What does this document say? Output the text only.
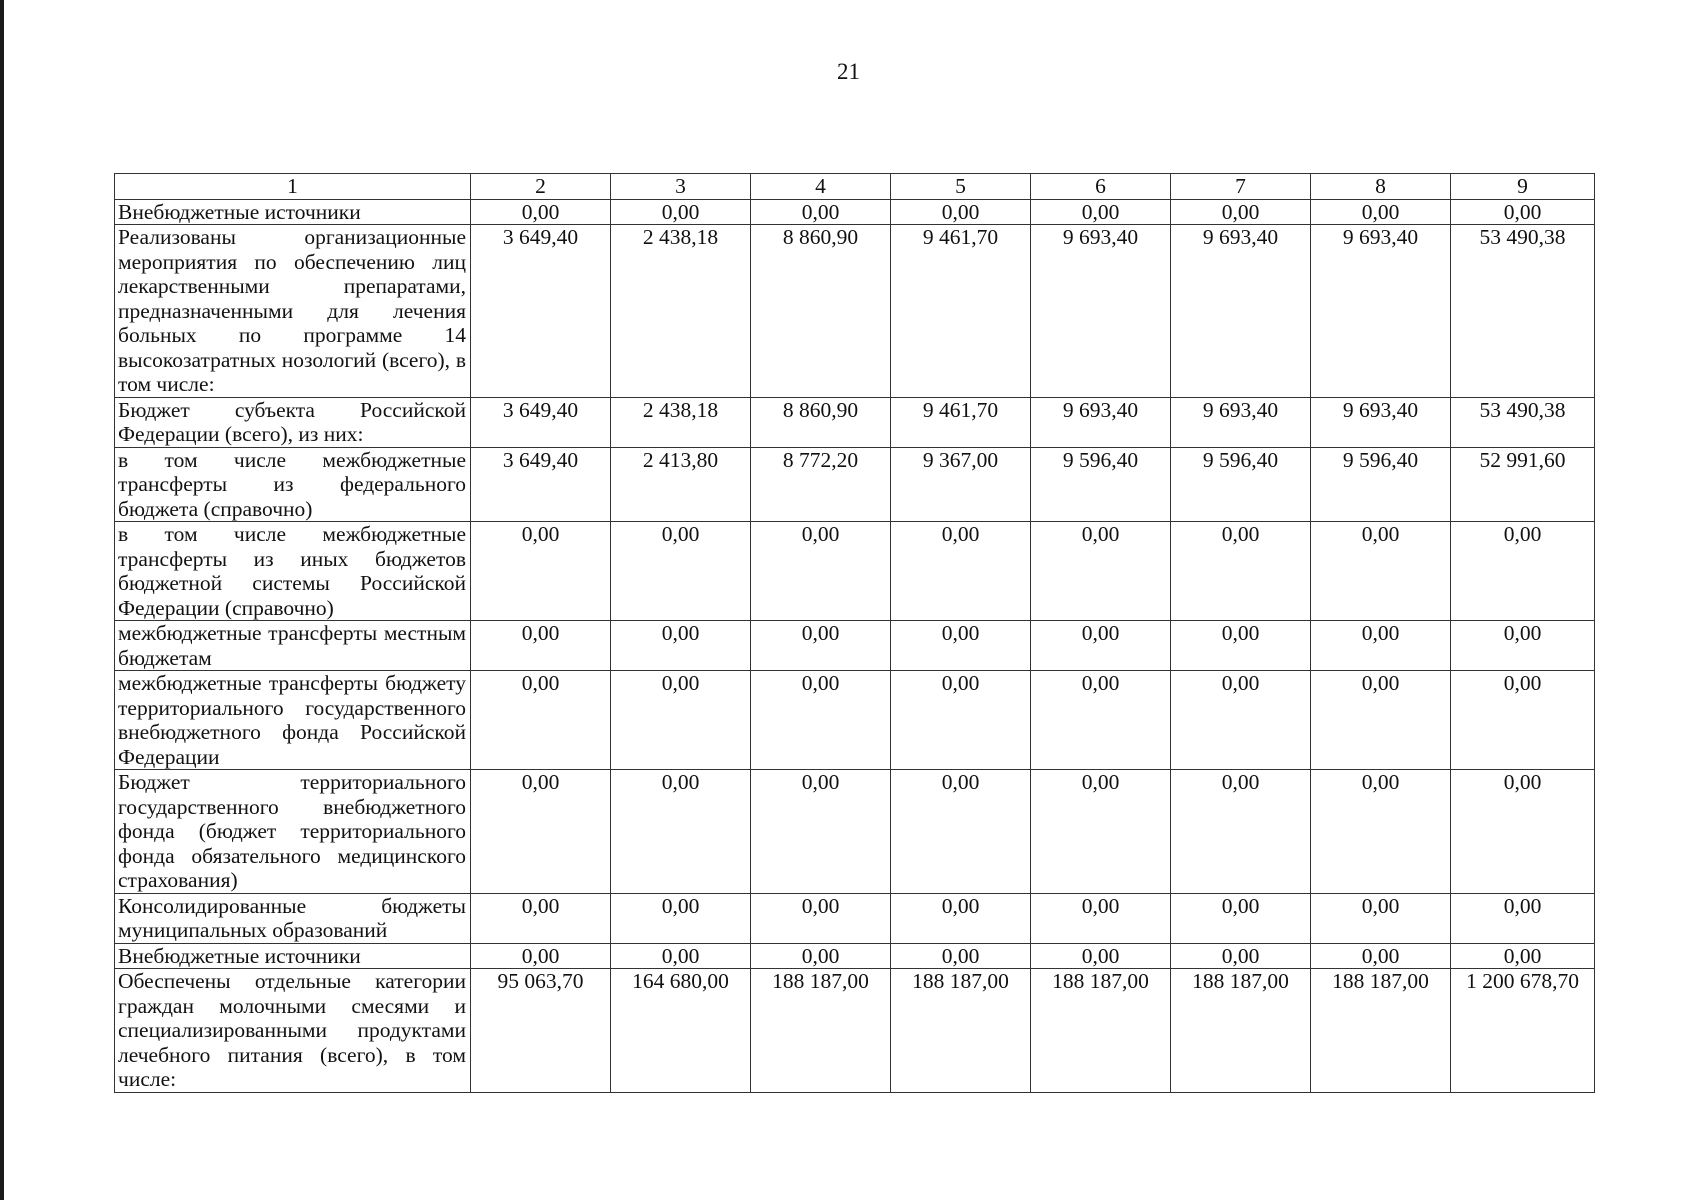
21
1	2	3	4	5	6	7	8	9
Внебюджетные источники	0,00	0,00	0,00	0,00	0,00	0,00	0,00	0,00
Реализованы организационные мероприятия по обеспечению лиц лекарственными препаратами, предназначенными для лечения больных по программе 14 высокозатратных нозологий (всего), в том числе:	3 649,40	2 438,18	8 860,90	9 461,70	9 693,40	9 693,40	9 693,40	53 490,38
Бюджет субъекта Российской Федерации (всего), из них:	3 649,40	2 438,18	8 860,90	9 461,70	9 693,40	9 693,40	9 693,40	53 490,38
в том числе межбюджетные трансферты из федерального бюджета (справочно)	3 649,40	2 413,80	8 772,20	9 367,00	9 596,40	9 596,40	9 596,40	52 991,60
в том числе межбюджетные трансферты из иных бюджетов бюджетной системы Российской Федерации (справочно)	0,00	0,00	0,00	0,00	0,00	0,00	0,00	0,00
межбюджетные трансферты местным бюджетам	0,00	0,00	0,00	0,00	0,00	0,00	0,00	0,00
межбюджетные трансферты бюджету территориального государственного внебюджетного фонда Российской Федерации	0,00	0,00	0,00	0,00	0,00	0,00	0,00	0,00
Бюджет территориального государственного внебюджетного фонда (бюджет территориального фонда обязательного медицинского страхования)	0,00	0,00	0,00	0,00	0,00	0,00	0,00	0,00
Консолидированные бюджеты муниципальных образований	0,00	0,00	0,00	0,00	0,00	0,00	0,00	0,00
Внебюджетные источники	0,00	0,00	0,00	0,00	0,00	0,00	0,00	0,00
Обеспечены отдельные категории граждан молочными смесями и специализированными продуктами лечебного питания (всего), в том числе:	95 063,70	164 680,00	188 187,00	188 187,00	188 187,00	188 187,00	188 187,00	1 200 678,70
